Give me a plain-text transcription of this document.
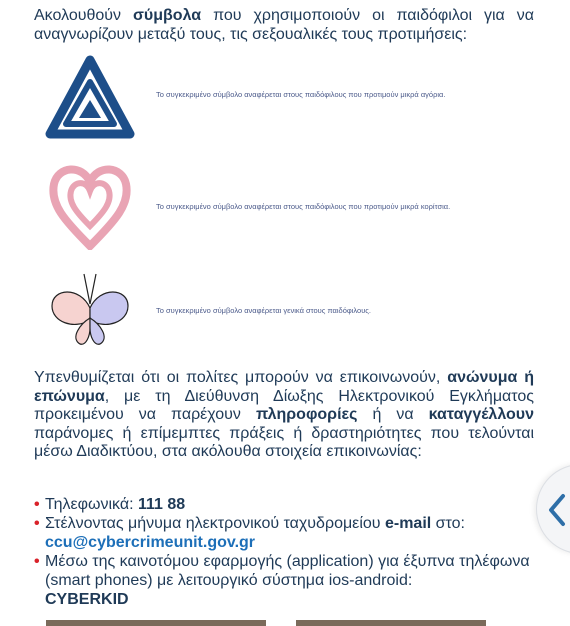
Ακολουθούν σύμβολα που χρησιμοποιούν οι παιδόφιλοι για να αναγνωρίζουν μεταξύ τους, τις σεξουαλικές τους προτιμήσεις:
Το συγκεκριμένο σύμβολο αναφέρεται στους παιδόφιλους που προτιμούν μικρά αγόρια.
Το συγκεκριμένο σύμβολο αναφέρεται στους παιδόφιλους που προτιμούν μικρά κορίτσια.
Το συγκεκριμένο σύμβολο αναφέρεται γενικά στους παιδόφιλους.
Υπενθυμίζεται ότι οι πολίτες μπορούν να επικοινωνούν, ανώνυμα ή επώνυμα, με τη Διεύθυνση Δίωξης Ηλεκτρονικού Εγκλήματος προκειμένου να παρέχουν πληροφορίες ή να καταγγέλλουν παράνομες ή επίμεμπτες πράξεις ή δραστηριότητες που τελούνται μέσω Διαδικτύου, στα ακόλουθα στοιχεία επικοινωνίας:
• Τηλεφωνικά: 111 88
• Στέλνοντας μήνυμα ηλεκτρονικού ταχυδρομείου e-mail στο:
ccu@cybercrimeunit.gov.gr
• Μέσω της καινοτόμου εφαρμογής (application) για έξυπνα τηλέφωνα (smart phones) με λειτουργικό σύστημα ios-android:
CYBERKID
